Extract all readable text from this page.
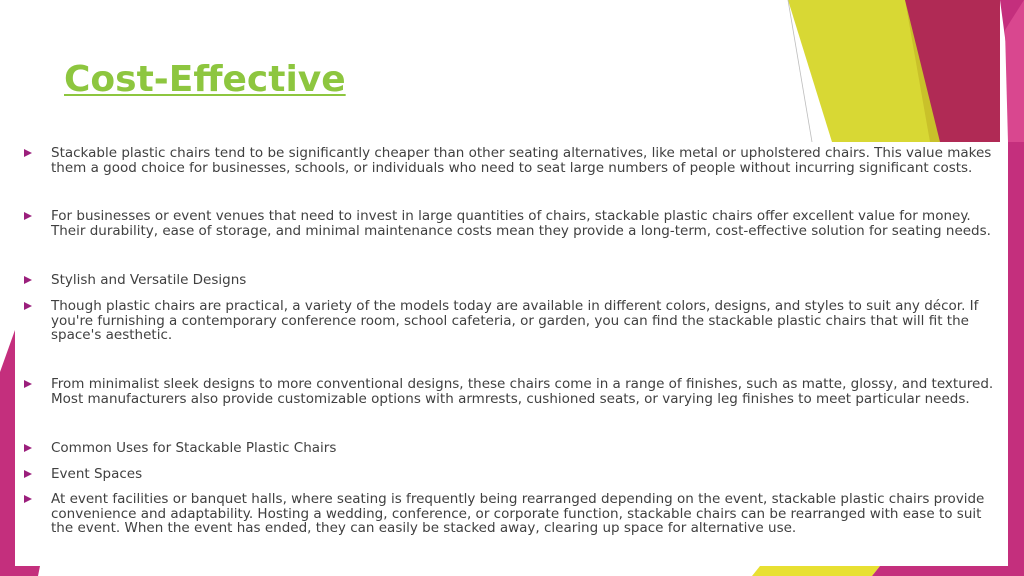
Cost-Effective

Stackable plastic chairs tend to be significantly cheaper than other seating alternatives, like metal or upholstered chairs. This value makes them a good choice for businesses, schools, or individuals who need to seat large numbers of people without incurring significant costs.

For businesses or event venues that need to invest in large quantities of chairs, stackable plastic chairs offer excellent value for money. Their durability, ease of storage, and minimal maintenance costs mean they provide a long-term, cost-effective solution for seating needs.

Stylish and Versatile Designs

Though plastic chairs are practical, a variety of the models today are available in different colors, designs, and styles to suit any décor. If you're furnishing a contemporary conference room, school cafeteria, or garden, you can find the stackable plastic chairs that will fit the space's aesthetic.

From minimalist sleek designs to more conventional designs, these chairs come in a range of finishes, such as matte, glossy, and textured. Most manufacturers also provide customizable options with armrests, cushioned seats, or varying leg finishes to meet particular needs.

Common Uses for Stackable Plastic Chairs

Event Spaces

At event facilities or banquet halls, where seating is frequently being rearranged depending on the event, stackable plastic chairs provide convenience and adaptability. Hosting a wedding, conference, or corporate function, stackable chairs can be rearranged with ease to suit the event. When the event has ended, they can easily be stacked away, clearing up space for alternative use.
